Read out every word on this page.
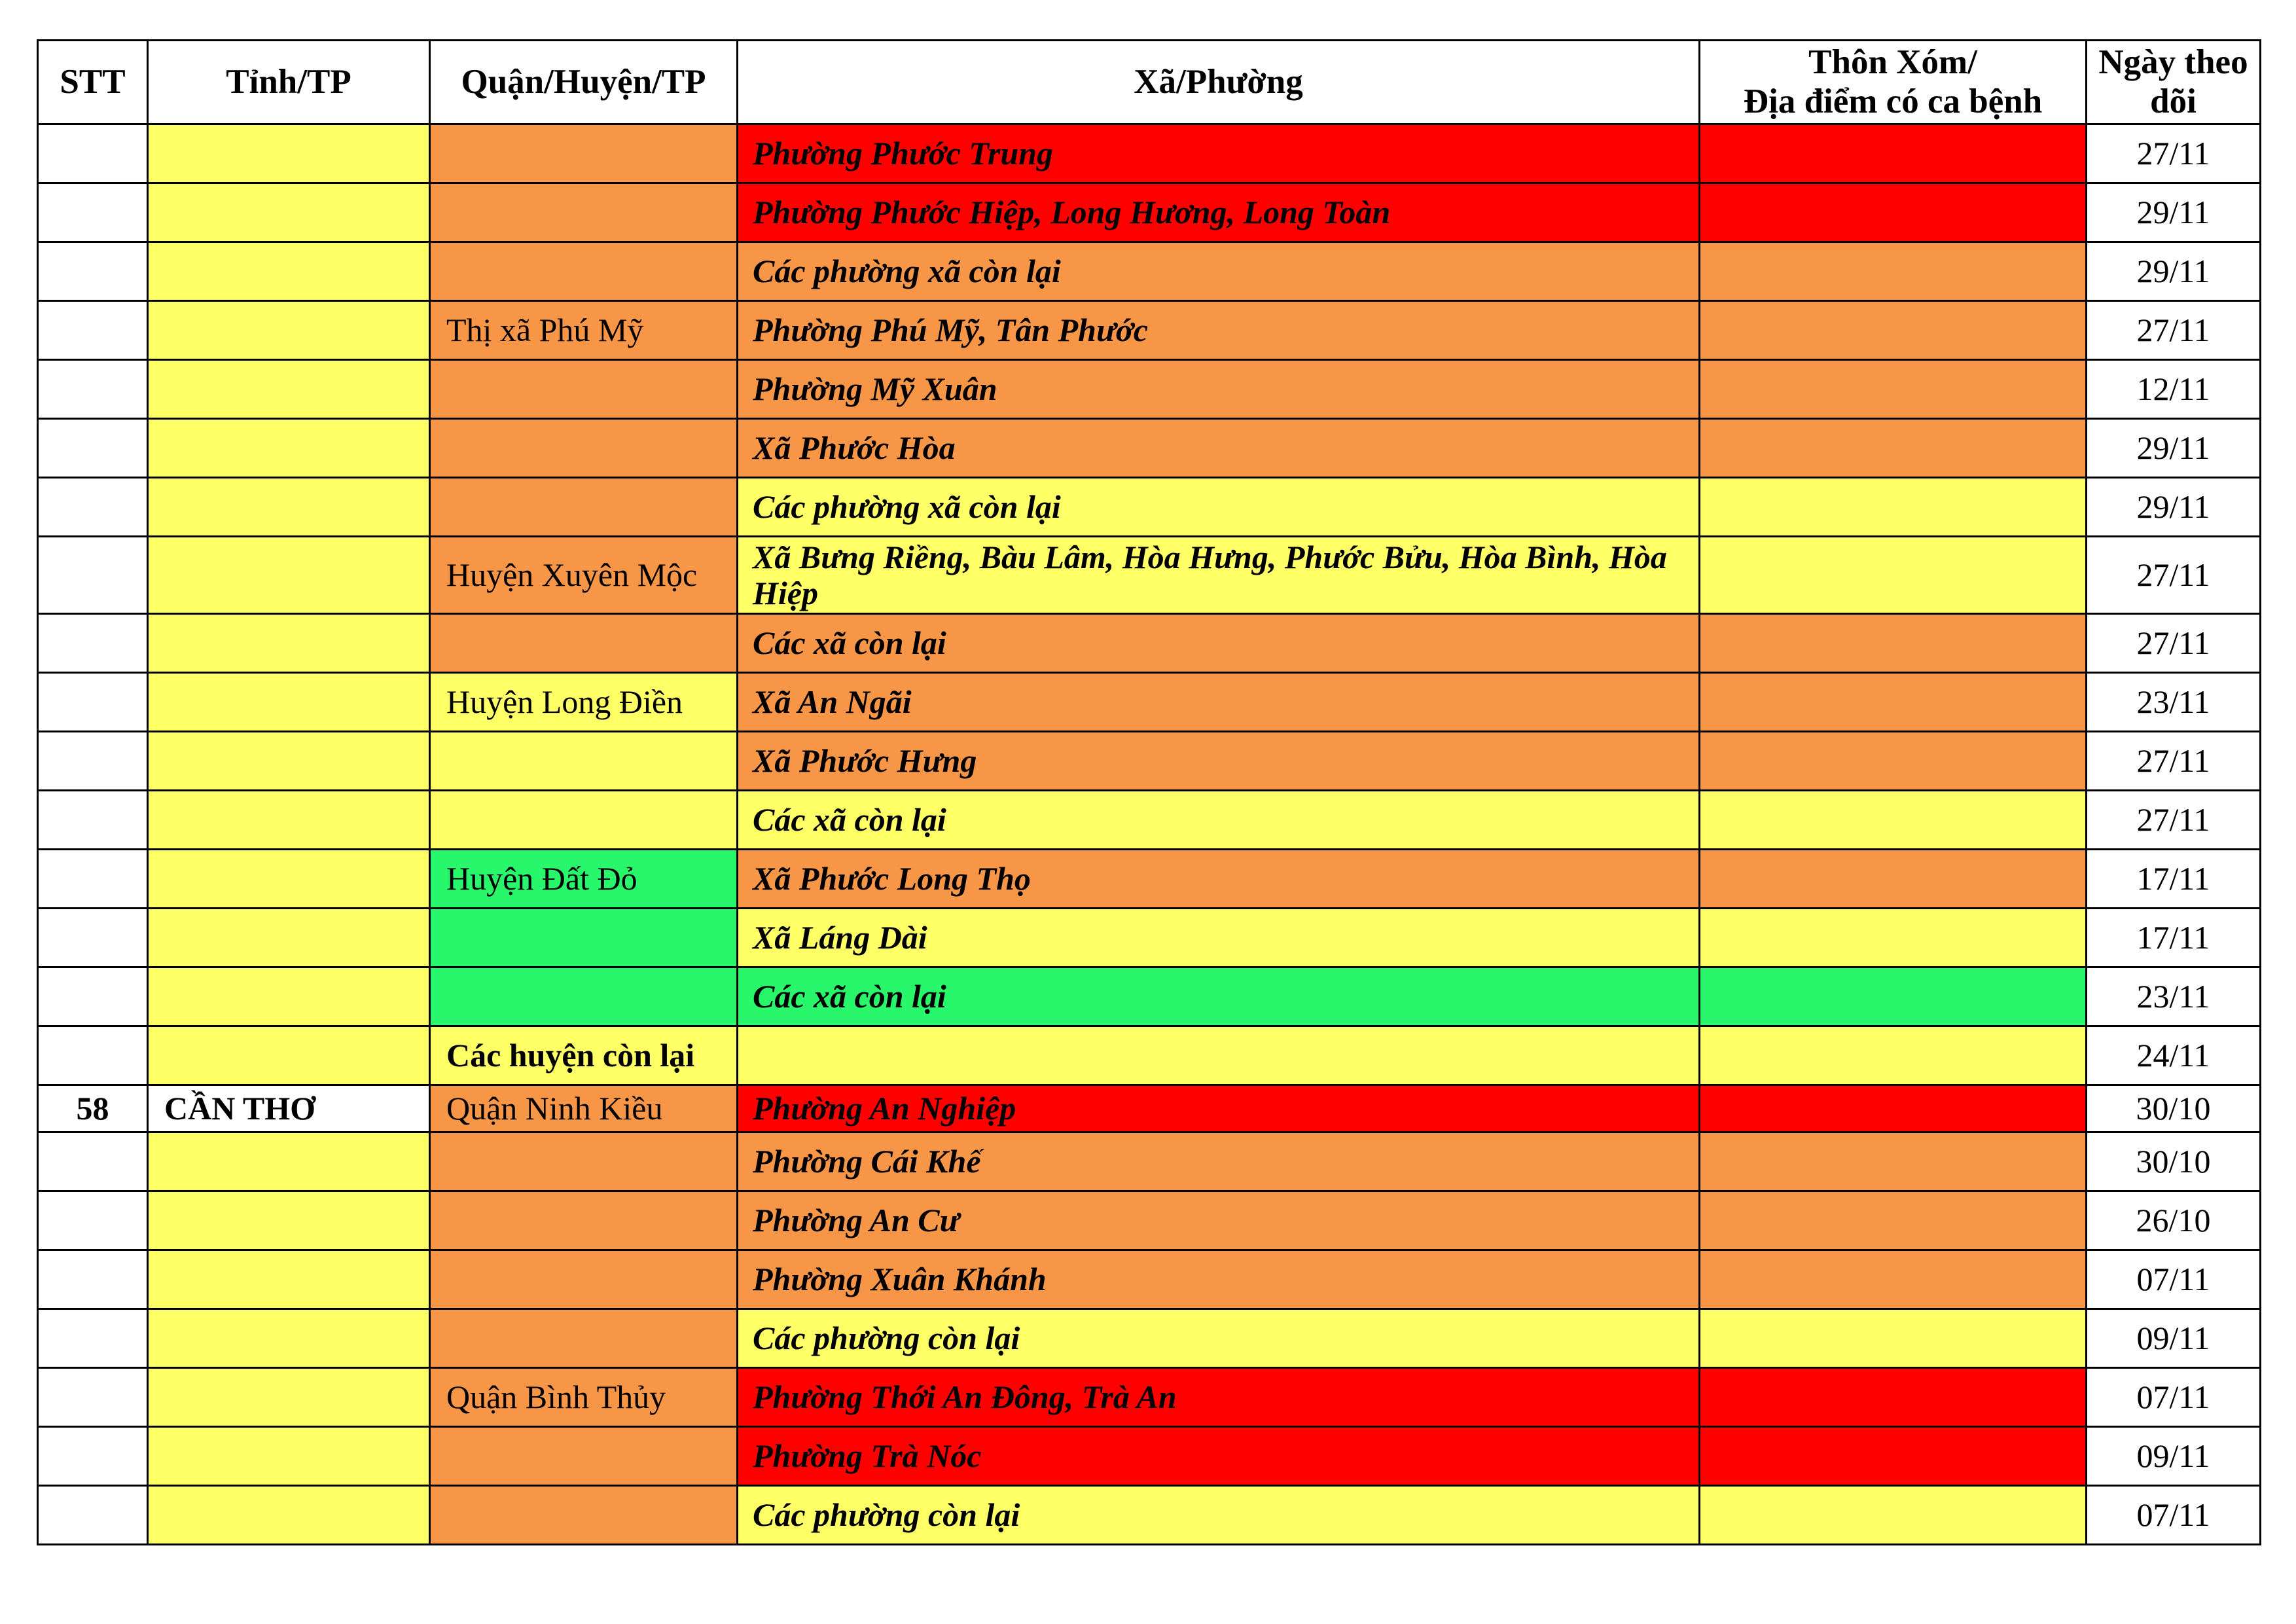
STT	Tỉnh/TP	Quận/Huyện/TP	Xã/Phường	Thôn Xóm/
Địa điểm có ca bệnh	Ngày theo dõi
			Phường Phước Trung		27/11
			Phường Phước Hiệp, Long Hương, Long Toàn		29/11
			Các phường xã còn lại		29/11
		Thị xã Phú Mỹ	Phường Phú Mỹ, Tân Phước		27/11
			Phường Mỹ Xuân		12/11
			Xã Phước Hòa		29/11
			Các phường xã còn lại		29/11
		Huyện Xuyên Mộc	Xã Bưng Riềng, Bàu Lâm, Hòa Hưng, Phước Bửu, Hòa Bình, Hòa Hiệp		27/11
			Các xã còn lại		27/11
		Huyện Long Điền	Xã An Ngãi		23/11
			Xã Phước Hưng		27/11
			Các xã còn lại		27/11
		Huyện Đất Đỏ	Xã Phước Long Thọ		17/11
			Xã Láng Dài		17/11
			Các xã còn lại		23/11
		Các huyện còn lại			24/11
58	CẦN THƠ	Quận Ninh Kiều	Phường An Nghiệp		30/10
			Phường Cái Khế		30/10
			Phường An Cư		26/10
			Phường Xuân Khánh		07/11
			Các phường còn lại		09/11
		Quận Bình Thủy	Phường Thới An Đông, Trà An		07/11
			Phường Trà Nóc		09/11
			Các phường còn lại		07/11
